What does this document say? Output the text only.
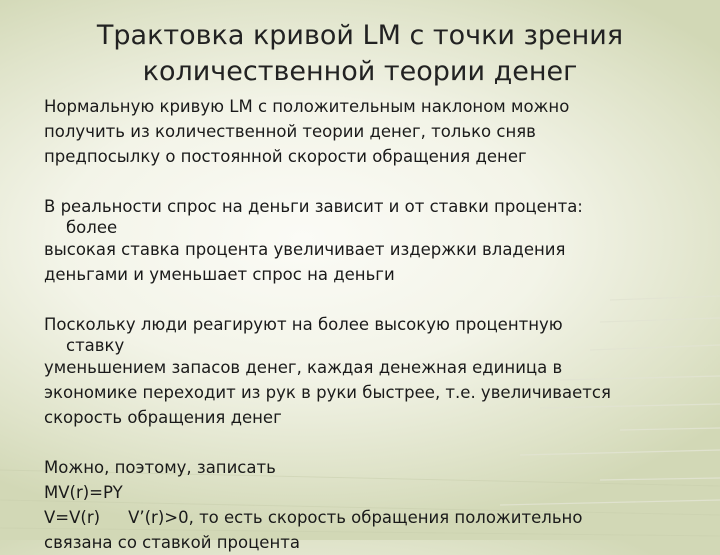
Трактовка кривой LM с точки зрения
количественной теории денег
Нормальную кривую LM с положительным наклоном можно
получить из количественной теории денег, только сняв
предпосылку о постоянной скорости обращения денег
В реальности спрос на деньги зависит и от ставки процента:
более
высокая ставка процента увеличивает издержки владения
деньгами и уменьшает спрос на деньги
Поскольку люди реагируют на более высокую процентную
ставку
уменьшением запасов денег, каждая денежная единица в
экономике переходит из рук в руки быстрее, т.е. увеличивается
скорость обращения денег
Можно, поэтому, записать
MV(r)=PY
V=V(r) V’(r)>0, то есть скорость обращения положительно
связана со ставкой процента
